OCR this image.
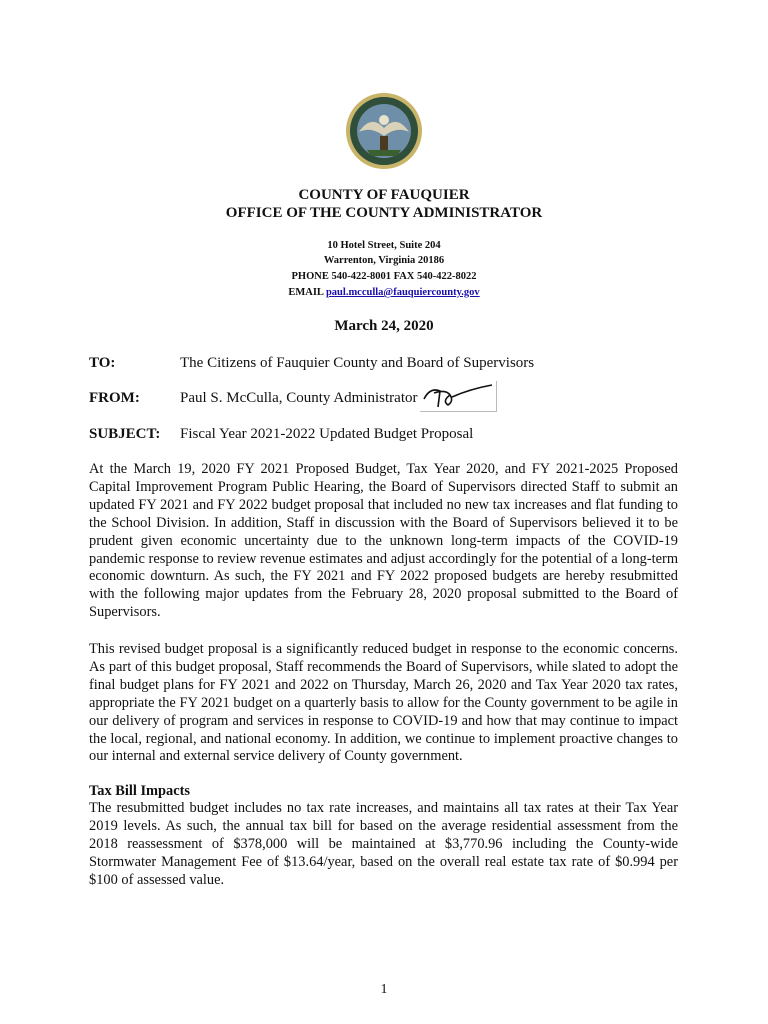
COUNTY OF FAUQUIER
OFFICE OF THE COUNTY ADMINISTRATOR
10 Hotel Street, Suite 204
Warrenton, Virginia 20186
PHONE 540-422-8001 FAX 540-422-8022
EMAIL paul.mcculla@fauquiercounty.gov
March 24, 2020
TO:	The Citizens of Fauquier County and Board of Supervisors
FROM:	Paul S. McCulla, County Administrator
SUBJECT:	Fiscal Year 2021-2022 Updated Budget Proposal

At the March 19, 2020 FY 2021 Proposed Budget, Tax Year 2020, and FY 2021-2025 Proposed Capital Improvement Program Public Hearing, the Board of Supervisors directed Staff to submit an updated FY 2021 and FY 2022 budget proposal that included no new tax increases and flat funding to the School Division. In addition, Staff in discussion with the Board of Supervisors believed it to be prudent given economic uncertainty due to the unknown long-term impacts of the COVID-19 pandemic response to review revenue estimates and adjust accordingly for the potential of a long-term economic downturn. As such, the FY 2021 and FY 2022 proposed budgets are hereby resubmitted with the following major updates from the February 28, 2020 proposal submitted to the Board of Supervisors.

This revised budget proposal is a significantly reduced budget in response to the economic concerns. As part of this budget proposal, Staff recommends the Board of Supervisors, while slated to adopt the final budget plans for FY 2021 and 2022 on Thursday, March 26, 2020 and Tax Year 2020 tax rates, appropriate the FY 2021 budget on a quarterly basis to allow for the County government to be agile in our delivery of program and services in response to COVID-19 and how that may continue to impact the local, regional, and national economy. In addition, we continue to implement proactive changes to our internal and external service delivery of County government.

Tax Bill Impacts

The resubmitted budget includes no tax rate increases, and maintains all tax rates at their Tax Year 2019 levels. As such, the annual tax bill for based on the average residential assessment from the 2018 reassessment of $378,000 will be maintained at $3,770.96 including the County-wide Stormwater Management Fee of $13.64/year, based on the overall real estate tax rate of $0.994 per $100 of assessed value.

1
